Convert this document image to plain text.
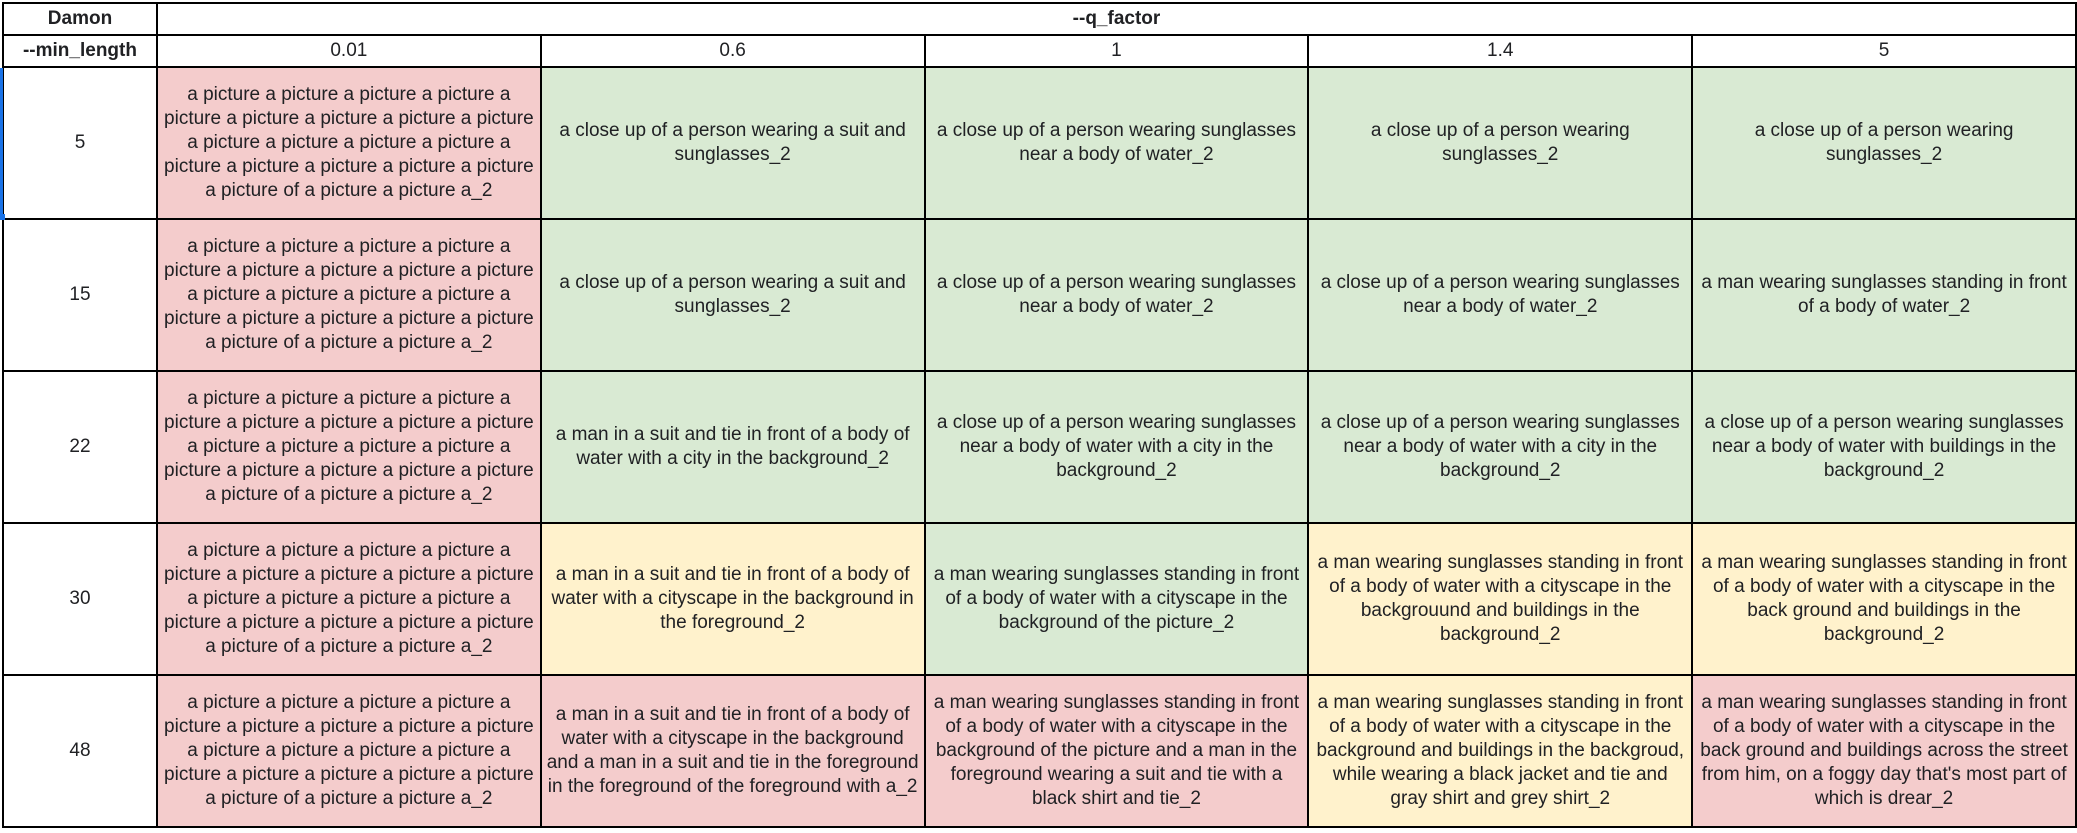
Damon	--q_factor				
--min_length	0.01	0.6	1	1.4	5
5	a picture a picture a picture a picture a picture a picture a picture a picture a picture a picture a picture a picture a picture a picture a picture a picture a picture a picture a picture of a picture a picture a_2	a close up of a person wearing a suit and sunglasses_2	a close up of a person wearing sunglasses near a body of water_2	a close up of a person wearing sunglasses_2	a close up of a person wearing sunglasses_2
15	a picture a picture a picture a picture a picture a picture a picture a picture a picture a picture a picture a picture a picture a picture a picture a picture a picture a picture a picture of a picture a picture a_2	a close up of a person wearing a suit and sunglasses_2	a close up of a person wearing sunglasses near a body of water_2	a close up of a person wearing sunglasses near a body of water_2	a man wearing sunglasses standing in front of a body of water_2
22	a picture a picture a picture a picture a picture a picture a picture a picture a picture a picture a picture a picture a picture a picture a picture a picture a picture a picture a picture of a picture a picture a_2	a man in a suit and tie in front of a body of water with a city in the background_2	a close up of a person wearing sunglasses near a body of water with a city in the background_2	a close up of a person wearing sunglasses near a body of water with a city in the background_2	a close up of a person wearing sunglasses near a body of water with buildings in the background_2
30	a picture a picture a picture a picture a picture a picture a picture a picture a picture a picture a picture a picture a picture a picture a picture a picture a picture a picture a picture of a picture a picture a_2	a man in a suit and tie in front of a body of water with a cityscape in the background in the foreground_2	a man wearing sunglasses standing in front of a body of water with a cityscape in the background of the picture_2	a man wearing sunglasses standing in front of a body of water with a cityscape in the backgrouund and buildings in the background_2	a man wearing sunglasses standing in front of a body of water with a cityscape in the back ground and buildings in the background_2
48	a picture a picture a picture a picture a picture a picture a picture a picture a picture a picture a picture a picture a picture a picture a picture a picture a picture a picture a picture of a picture a picture a_2	a man in a suit and tie in front of a body of water with a cityscape in the background and a man in a suit and tie in the foreground in the foreground of the foreground with a_2	a man wearing sunglasses standing in front of a body of water with a cityscape in the background of the picture and a man in the foreground wearing a suit and tie with a black shirt and tie_2	a man wearing sunglasses standing in front of a body of water with a cityscape in the background and buildings in the backgroud, while wearing a black jacket and tie and gray shirt and grey shirt_2	a man wearing sunglasses standing in front of a body of water with a cityscape in the back ground and buildings across the street from him, on a foggy day that's most part of which is drear_2
